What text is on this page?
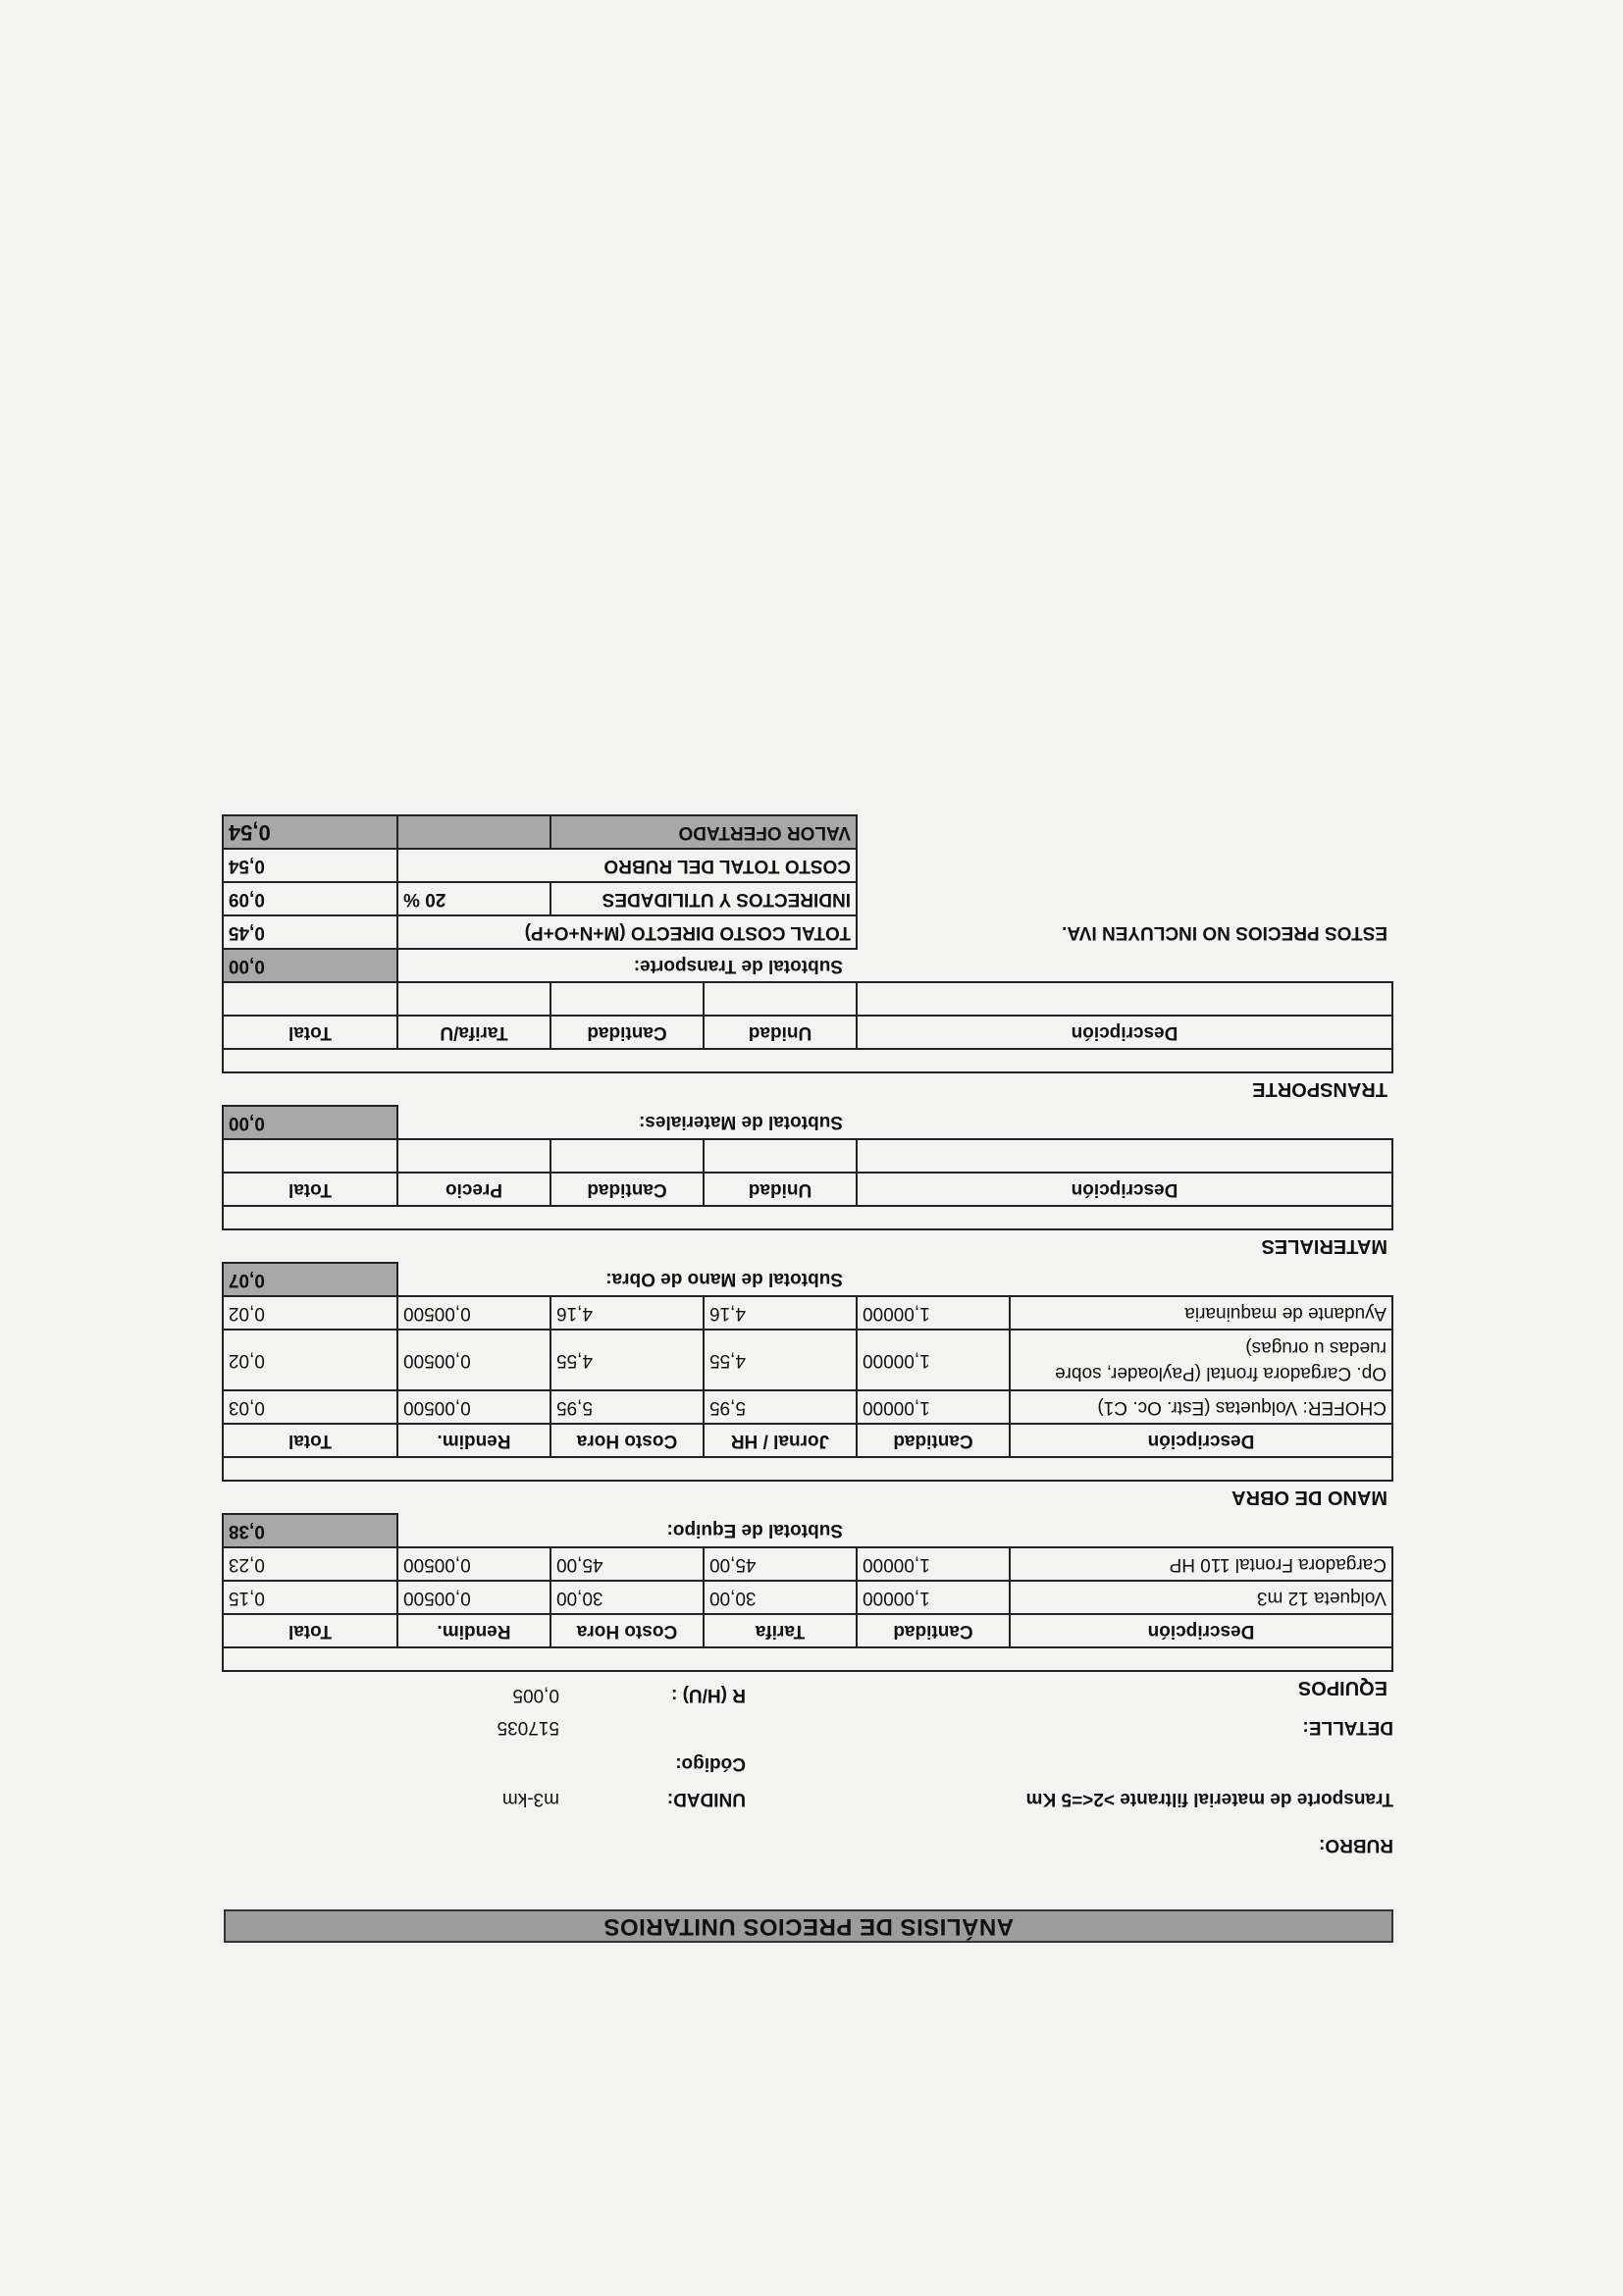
ANÁLISIS DE PRECIOS UNITARIOS
RUBRO:
Transporte de material filtrante >2<=5 Km
UNIDAD:
m3-km
Código:
517035	DETALLE:
R (H/U) :
0,005	EQUIPOS					

Descripción	Cantidad	Tarifa	Costo Hora	Rendim.	Total
Volqueta 12 m3	1,00000	30,00	30,00	0,00500	0,15
Cargadora Frontal 110 HP	1,00000	45,00	45,00	0,00500	0,23
Subtotal de Equipo:					0,38
MANO DE OBRA					

Descripción	Cantidad	Jornal / HR	Costo Hora	Rendim.	Total
CHOFER: Volquetas (Estr. Oc. C1)	1,00000	5,95	5,95	0,00500	0,03
Op. Cargadora frontal (Payloader, sobre ruedas u orugas)	1,00000	4,55	4,55	0,00500	0,02
Ayudante de maquinaria	1,00000	4,16	4,16	0,00500	0,02
Subtotal de Mano de Obra:					0,07
MATERIALES					

Descripción		Unidad	Cantidad	Precio	Total

Subtotal de Materiales:					0,00
TRANSPORTE					

Descripción		Unidad	Cantidad	Tarifa/U	Total

Subtotal de Transporte:					0,00
ESTOS PRECIOS NO INCLUYEN IVA.		TOTAL COSTO DIRECTO (M+N+O+P)			0,45
		INDIRECTOS Y UTILIDADES		20 %	0,09
		COSTO TOTAL DEL RUBRO			0,54
		VALOR OFERTADO			0,54
